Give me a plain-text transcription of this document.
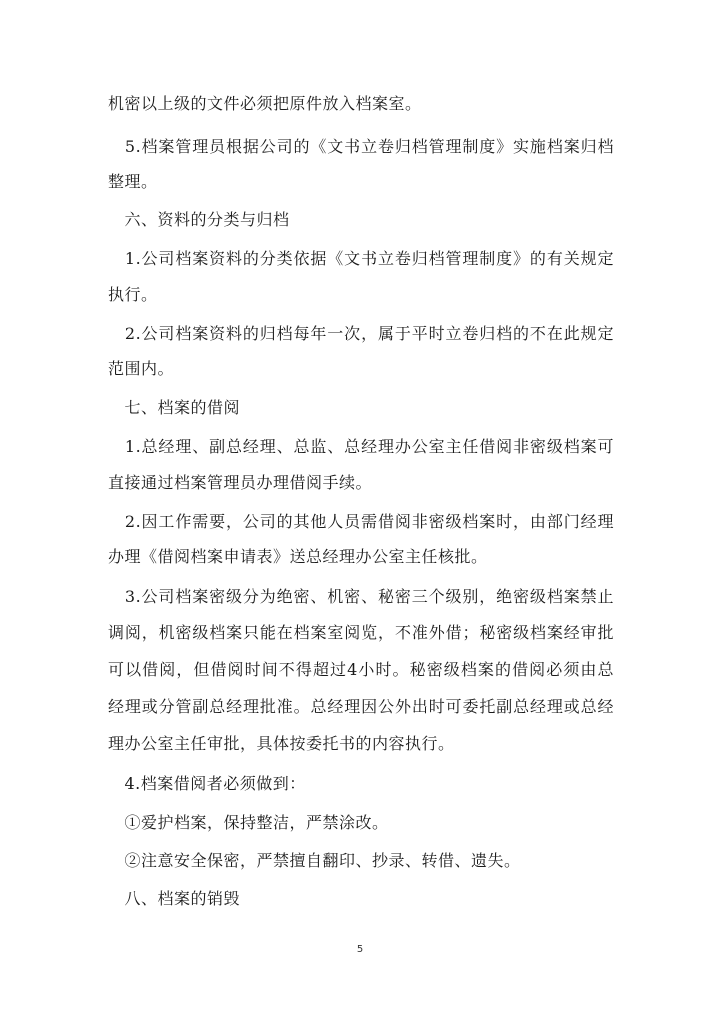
机密以上级的文件必须把原件放入档案室。
　5.档案管理员根据公司的《文书立卷归档管理制度》实施档案归档
整理。
　六、资料的分类与归档
　1.公司档案资料的分类依据《文书立卷归档管理制度》的有关规定
执行。
　2.公司档案资料的归档每年一次，属于平时立卷归档的不在此规定
范围内。
　七、档案的借阅
　1.总经理、副总经理、总监、总经理办公室主任借阅非密级档案可
直接通过档案管理员办理借阅手续。
　2.因工作需要，公司的其他人员需借阅非密级档案时，由部门经理
办理《借阅档案申请表》送总经理办公室主任核批。
　3.公司档案密级分为绝密、机密、秘密三个级别，绝密级档案禁止
调阅，机密级档案只能在档案室阅览，不准外借；秘密级档案经审批
可以借阅，但借阅时间不得超过4小时。秘密级档案的借阅必须由总
经理或分管副总经理批准。总经理因公外出时可委托副总经理或总经
理办公室主任审批，具体按委托书的内容执行。
　4.档案借阅者必须做到：
　①爱护档案，保持整洁，严禁涂改。
　②注意安全保密，严禁擅自翻印、抄录、转借、遗失。
　八、档案的销毁
5
